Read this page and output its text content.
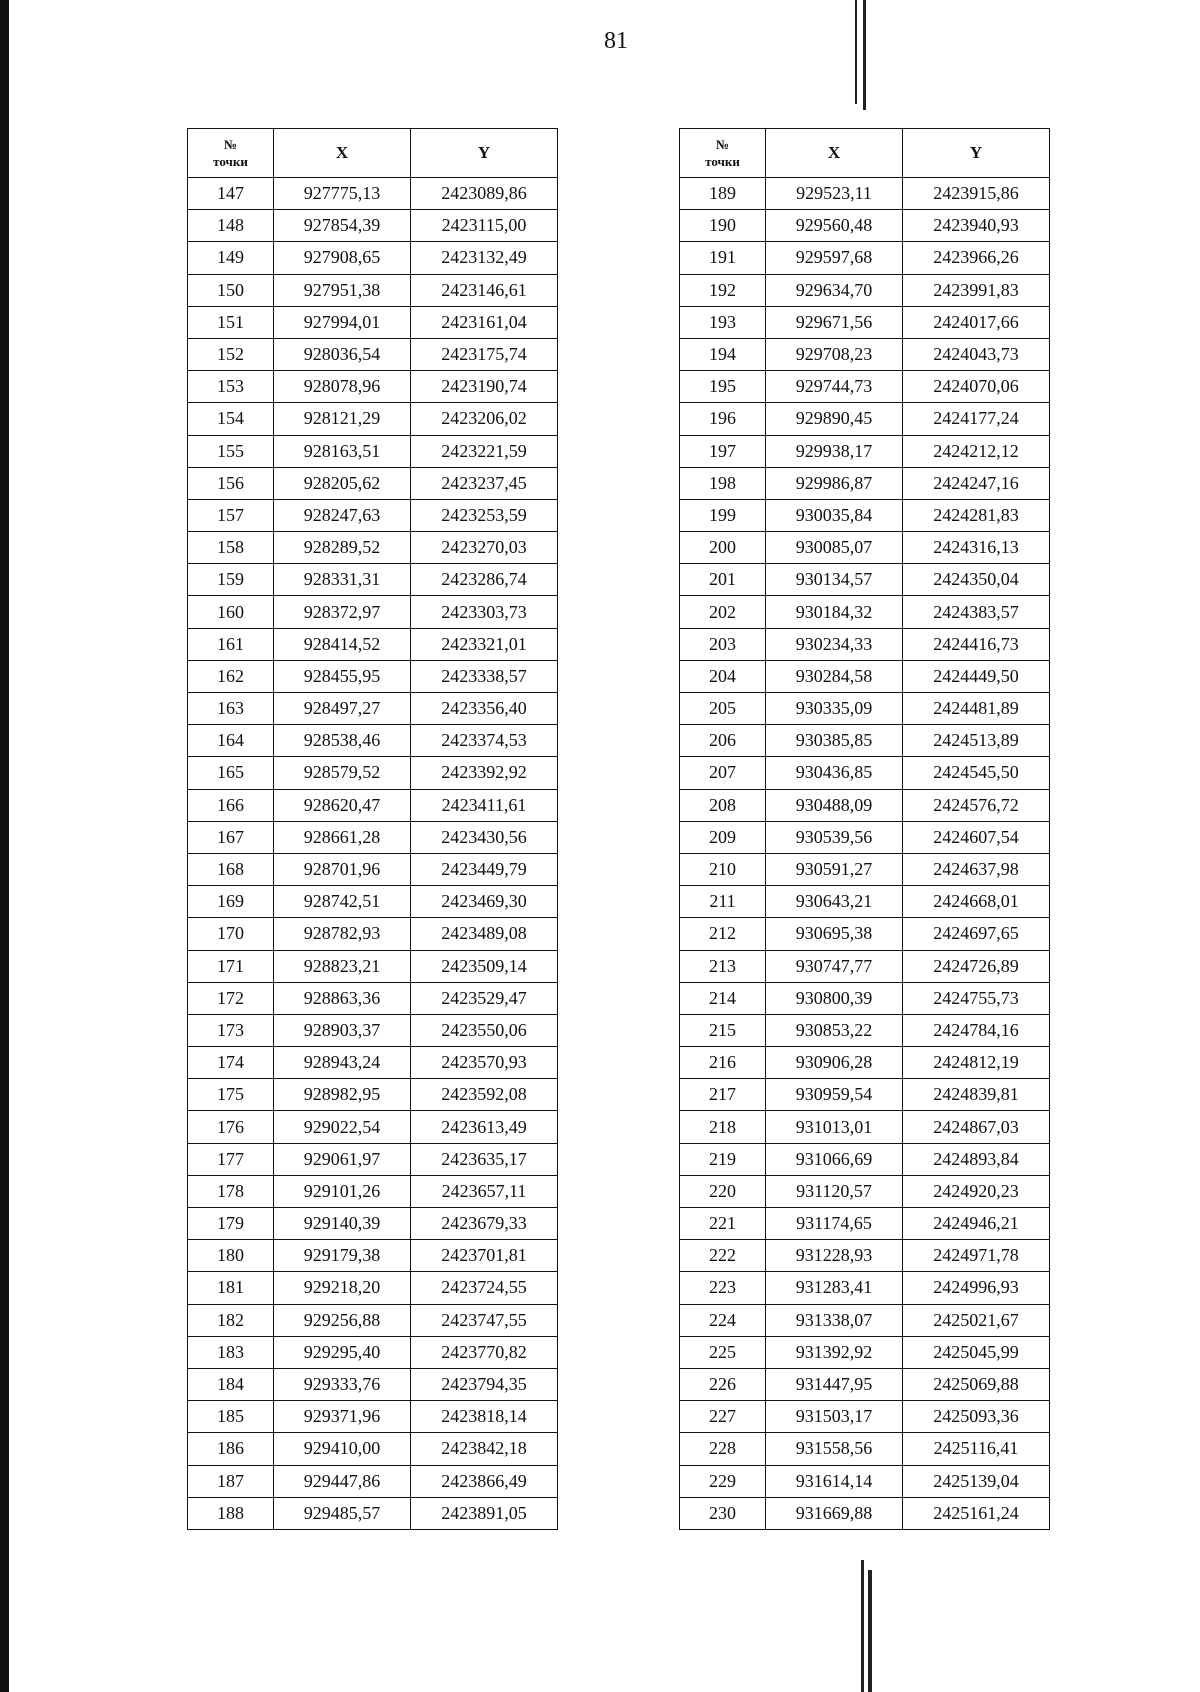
81
№
точки	X	Y
147	927775,13	2423089,86
148	927854,39	2423115,00
149	927908,65	2423132,49
150	927951,38	2423146,61
151	927994,01	2423161,04
152	928036,54	2423175,74
153	928078,96	2423190,74
154	928121,29	2423206,02
155	928163,51	2423221,59
156	928205,62	2423237,45
157	928247,63	2423253,59
158	928289,52	2423270,03
159	928331,31	2423286,74
160	928372,97	2423303,73
161	928414,52	2423321,01
162	928455,95	2423338,57
163	928497,27	2423356,40
164	928538,46	2423374,53
165	928579,52	2423392,92
166	928620,47	2423411,61
167	928661,28	2423430,56
168	928701,96	2423449,79
169	928742,51	2423469,30
170	928782,93	2423489,08
171	928823,21	2423509,14
172	928863,36	2423529,47
173	928903,37	2423550,06
174	928943,24	2423570,93
175	928982,95	2423592,08
176	929022,54	2423613,49
177	929061,97	2423635,17
178	929101,26	2423657,11
179	929140,39	2423679,33
180	929179,38	2423701,81
181	929218,20	2423724,55
182	929256,88	2423747,55
183	929295,40	2423770,82
184	929333,76	2423794,35
185	929371,96	2423818,14
186	929410,00	2423842,18
187	929447,86	2423866,49
188	929485,57	2423891,05
№
точки	X	Y
189	929523,11	2423915,86
190	929560,48	2423940,93
191	929597,68	2423966,26
192	929634,70	2423991,83
193	929671,56	2424017,66
194	929708,23	2424043,73
195	929744,73	2424070,06
196	929890,45	2424177,24
197	929938,17	2424212,12
198	929986,87	2424247,16
199	930035,84	2424281,83
200	930085,07	2424316,13
201	930134,57	2424350,04
202	930184,32	2424383,57
203	930234,33	2424416,73
204	930284,58	2424449,50
205	930335,09	2424481,89
206	930385,85	2424513,89
207	930436,85	2424545,50
208	930488,09	2424576,72
209	930539,56	2424607,54
210	930591,27	2424637,98
211	930643,21	2424668,01
212	930695,38	2424697,65
213	930747,77	2424726,89
214	930800,39	2424755,73
215	930853,22	2424784,16
216	930906,28	2424812,19
217	930959,54	2424839,81
218	931013,01	2424867,03
219	931066,69	2424893,84
220	931120,57	2424920,23
221	931174,65	2424946,21
222	931228,93	2424971,78
223	931283,41	2424996,93
224	931338,07	2425021,67
225	931392,92	2425045,99
226	931447,95	2425069,88
227	931503,17	2425093,36
228	931558,56	2425116,41
229	931614,14	2425139,04
230	931669,88	2425161,24
